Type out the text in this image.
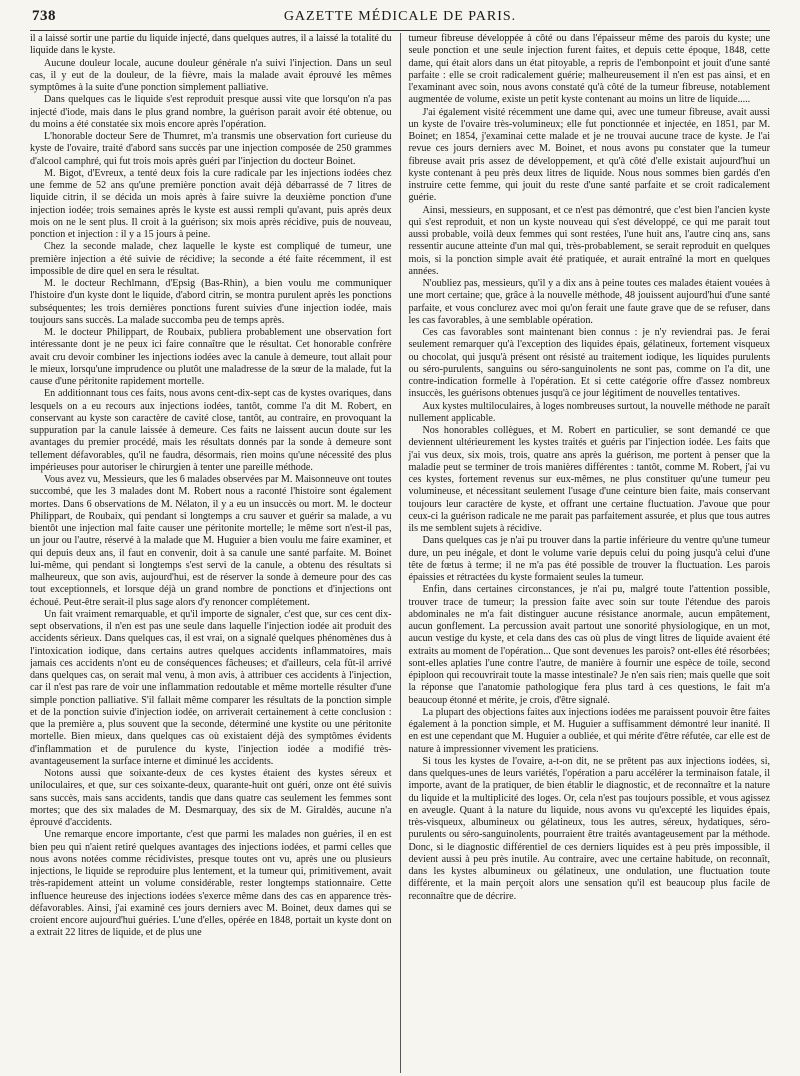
738	GAZETTE MÉDICALE DE PARIS.

il a laissé sortir une partie du liquide injecté, dans quelques autres, il a laissé la totalité du liquide dans le kyste.

Aucune douleur locale, aucune douleur générale n'a suivi l'injection. Dans un seul cas, il y eut de la douleur, de la fièvre, mais la malade avait éprouvé les mêmes symptômes à la suite d'une ponction simplement palliative.

Dans quelques cas le liquide s'est reproduit presque aussi vite que lorsqu'on n'a pas injecté d'iode, mais dans le plus grand nombre, la guérison parait avoir été obtenue, ou du moins a été constatée six mois encore après l'opération.

L'honorable docteur Sere de Thumret, m'a transmis une observation fort curieuse du kyste de l'ovaire, traité d'abord sans succès par une injection composée de 250 grammes d'alcool camphré, qui fut trois mois après guéri par l'injection du docteur Boinet.

M. Bigot, d'Evreux, a tenté deux fois la cure radicale par les injections iodées chez une femme de 52 ans qu'une première ponction avait déjà débarrassé de 7 litres de liquide citrin, il se décida un mois après à faire suivre la deuxième ponction d'une injection iodée; trois semaines après le kyste est aussi rempli qu'avant, puis après deux mois on ne le sent plus. Il croit à la guérison; six mois après récidive, puis de nouveau, ponction et injection : il y a 15 jours à peine.

Chez la seconde malade, chez laquelle le kyste est compliqué de tumeur, une première injection a été suivie de récidive; la seconde a été faite récemment, il est impossible de dire quel en sera le résultat.

M. le docteur Rechlmann, d'Epsig (Bas-Rhin), a bien voulu me communiquer l'histoire d'un kyste dont le liquide, d'abord citrin, se montra purulent après les ponctions subséquentes; les trois dernières ponctions furent suivies d'une injection iodée, mais toujours sans succès. La malade succomba peu de temps après.

M. le docteur Philippart, de Roubaix, publiera probablement une observation fort intéressante dont je ne peux ici faire connaître que le résultat. Cet honorable confrère avait cru devoir combiner les injections iodées avec la canule à demeure, tout allait pour le mieux, lorsqu'une imprudence ou plutôt une maladresse de la sœur de la malade, fut la cause d'une péritonite rapidement mortelle.

En additionnant tous ces faits, nous avons cent-dix-sept cas de kystes ovariques, dans lesquels on a eu recours aux injections iodées, tantôt, comme l'a dit M. Robert, en conservant au kyste son caractère de cavité close, tantôt, au contraire, en provoquant la suppuration par la canule laissée à demeure. Ces faits ne laissent aucun doute sur les avantages du premier procédé, mais les résultats donnés par la sonde à demeure sont tellement défavorables, qu'il ne faudra, désormais, rien moins qu'une nécessité des plus impérieuses pour autoriser le chirurgien à tenter une pareille méthode.

Vous avez vu, Messieurs, que les 6 malades observées par M. Maisonneuve ont toutes succombé, que les 3 malades dont M. Robert nous a raconté l'histoire sont également mortes. Dans 6 observations de M. Nélaton, il y a eu un insuccès ou mort. M. le docteur Philippart, de Roubaix, qui pendant si longtemps a cru sauver et guérir sa malade, a vu bientôt une injection mal faite causer une péritonite mortelle; le même sort n'est-il pas, un jour ou l'autre, réservé à la malade que M. Huguier a bien voulu me faire examiner, et qui depuis deux ans, il faut en convenir, doit à sa canule une santé parfaite. M. Boinet lui-même, qui pendant si longtemps s'est servi de la canule, a obtenu des résultats si malheureux, que son avis, aujourd'hui, est de réserver la sonde à demeure pour des cas tout exceptionnels, et lorsque déjà un grand nombre de ponctions et d'injections ont échoué. Peut-être serait-il plus sage alors d'y renoncer complétement.

Un fait vraiment remarquable, et qu'il importe de signaler, c'est que, sur ces cent dix-sept observations, il n'en est pas une seule dans laquelle l'injection iodée ait produit des accidents sérieux. Dans quelques cas, il est vrai, on a signalé quelques phénomènes dus à l'intoxication iodique, dans certains autres quelques accidents inflammatoires, mais jamais ces accidents n'ont eu de conséquences fâcheuses; et d'ailleurs, cela fût-il arrivé dans quelques cas, on serait mal venu, à mon avis, à attribuer ces accidents à l'injection, car il n'est pas rare de voir une inflammation redoutable et même mortelle résulter d'une simple ponction palliative. S'il fallait même comparer les résultats de la ponction simple et de la ponction suivie d'injection iodée, on arriverait certainement à cette conclusion : que la première a, plus souvent que la seconde, déterminé une kystite ou une péritonite mortelle. Bien mieux, dans quelques cas où existaient déjà des symptômes évidents d'inflammation et de purulence du kyste, l'injection iodée a modifié très-avantageusement la surface interne et diminué les accidents.

Notons aussi que soixante-deux de ces kystes étaient des kystes séreux et uniloculaires, et que, sur ces soixante-deux, quarante-huit ont guéri, onze ont été suivis sans succès, mais sans accidents, tandis que dans quatre cas seulement les femmes sont mortes; que des six malades de M. Desmarquay, des six de M. Giraldès, aucune n'a éprouvé d'accidents.

Une remarque encore importante, c'est que parmi les malades non guéries, il en est bien peu qui n'aient retiré quelques avantages des injections iodées, et parmi celles que nous avons notées comme récidivistes, presque toutes ont vu, après une ou plusieurs injections, le liquide se reproduire plus lentement, et la tumeur qui, primitivement, avait très-rapidement atteint un volume considérable, rester longtemps stationnaire. Cette influence heureuse des injections iodées s'exerce même dans des cas en apparence très-défavorables. Ainsi, j'ai examiné ces jours derniers avec M. Boinet, deux dames qui se croient encore aujourd'hui guéries. L'une d'elles, opérée en 1848, portait un kyste dont on a extrait 22 litres de liquide, et de plus une

tumeur fibreuse développée à côté ou dans l'épaisseur même des parois du kyste; une seule ponction et une seule injection furent faites, et depuis cette époque, 1848, cette dame, qui était alors dans un état pitoyable, a repris de l'embonpoint et jouit d'une santé parfaite : elle se croit radicalement guérie; malheureusement il n'en est pas ainsi, et en l'examinant avec soin, nous avons constaté qu'à côté de la tumeur fibreuse, notablement augmentée de volume, existe un petit kyste contenant au moins un litre de liquide.....

J'ai également visité récemment une dame qui, avec une tumeur fibreuse, avait aussi un kyste de l'ovaire très-volumineux; elle fut ponctionnée et injectée, en 1851, par M. Boinet; en 1854, j'examinai cette malade et je ne trouvai aucune trace de kyste. Je l'ai revue ces jours derniers avec M. Boinet, et nous avons pu constater que la tumeur fibreuse avait pris assez de développement, et qu'à côté d'elle existait aujourd'hui un kyste contenant à peu près deux litres de liquide. Nous nous sommes bien gardés d'en instruire cette femme, qui jouit du reste d'une santé parfaite et se croit radicalement guérie.

Ainsi, messieurs, en supposant, et ce n'est pas démontré, que c'est bien l'ancien kyste qui s'est reproduit, et non un kyste nouveau qui s'est développé, ce qui me parait tout aussi probable, voilà deux femmes qui sont restées, l'une huit ans, l'autre cinq ans, sans ressentir aucune atteinte d'un mal qui, très-probablement, se serait reproduit en quelques mois, si la ponction simple avait été pratiquée, et aurait entraîné la mort en quelques années.

N'oubliez pas, messieurs, qu'il y a dix ans à peine toutes ces malades étaient vouées à une mort certaine; que, grâce à la nouvelle méthode, 48 jouissent aujourd'hui d'une santé parfaite, et vous conclurez avec moi qu'on ferait une faute grave que de se refuser, dans les cas favorables, à une semblable opération.

Ces cas favorables sont maintenant bien connus : je n'y reviendrai pas. Je ferai seulement remarquer qu'à l'exception des liquides épais, gélatineux, fortement visqueux ou chocolat, qui jusqu'à présent ont résisté au traitement iodique, les liquides purulents ou séro-purulents, sanguins ou séro-sanguinolents ne sont pas, comme on l'a dit, une contre-indication formelle à l'opération. Et si cette catégorie offre d'assez nombreux insuccès, les guérisons obtenues jusqu'à ce jour légitiment de nouvelles tentatives.

Aux kystes multiloculaires, à loges nombreuses surtout, la nouvelle méthode ne paraît nullement applicable.

Nos honorables collègues, et M. Robert en particulier, se sont demandé ce que deviennent ultérieurement les kystes traités et guéris par l'injection iodée. Les faits que j'ai vus deux, six mois, trois, quatre ans après la guérison, me portent à penser que la maladie peut se terminer de trois manières différentes : tantôt, comme M. Robert, j'ai vu ces kystes, fortement revenus sur eux-mêmes, ne plus constituer qu'une tumeur peu volumineuse, et nécessitant seulement l'usage d'une ceinture bien faite, mais conservant toujours leur caractère de kyste, et offrant une certaine fluctuation. J'avoue que pour ceux-ci la guérison radicale ne me parait pas parfaitement assurée, et plus que tous autres ils me semblent sujets à récidive.

Dans quelques cas je n'ai pu trouver dans la partie inférieure du ventre qu'une tumeur dure, un peu inégale, et dont le volume varie depuis celui du poing jusqu'à celui d'une tête de fœtus à terme; il ne m'a pas été possible de trouver la fluctuation. Les parois épaissies et rétractées du kyste formaient seules la tumeur.

Enfin, dans certaines circonstances, je n'ai pu, malgré toute l'attention possible, trouver trace de tumeur; la pression faite avec soin sur toute l'étendue des parois abdominales ne m'a fait distinguer aucune résistance anormale, aucun empâtement, aucun gonflement. La percussion avait partout une sonorité physiologique, en un mot, aucun vestige du kyste, et cela dans des cas où plus de vingt litres de liquide avaient été extraits au moment de l'opération... Que sont devenues les parois? ont-elles été résorbées; sont-elles aplaties l'une contre l'autre, de manière à fournir une espèce de toile, second épiploon qui recouvrirait toute la masse intestinale? Je n'en sais rien; mais quelle que soit la réponse que l'anatomie pathologique fera plus tard à ces questions, le fait m'a beaucoup étonné et mérite, je crois, d'être signalé.

La plupart des objections faites aux injections iodées me paraissent pouvoir être faites également à la ponction simple, et M. Huguier a suffisamment démontré leur inanité. Il en est une cependant que M. Huguier a oubliée, et qui mérite d'être réfutée, car elle est de nature à impressionner vivement les praticiens.

Si tous les kystes de l'ovaire, a-t-on dit, ne se prêtent pas aux injections iodées, si, dans quelques-unes de leurs variétés, l'opération a paru accélérer la terminaison fatale, il importe, avant de la pratiquer, de bien établir le diagnostic, et de reconnaître et la nature du liquide et la multiplicité des loges. Or, cela n'est pas toujours possible, et vous agissez en aveugle. Quant à la nature du liquide, nous avons vu qu'excepté les liquides épais, très-visqueux, albumineux ou gélatineux, tous les autres, séreux, hydatiques, séro-purulents ou séro-sanguinolents, pourraient être traités avantageusement par la méthode. Donc, si le diagnostic différentiel de ces derniers liquides est à peu près impossible, il devient aussi à peu près inutile. Au contraire, avec une certaine habitude, on reconnaît, dans les kystes albumineux ou gélatineux, une ondulation, une fluctuation toute différente, et la main perçoit alors une sensation qu'il est beaucoup plus facile de reconnaître que de décrire.
